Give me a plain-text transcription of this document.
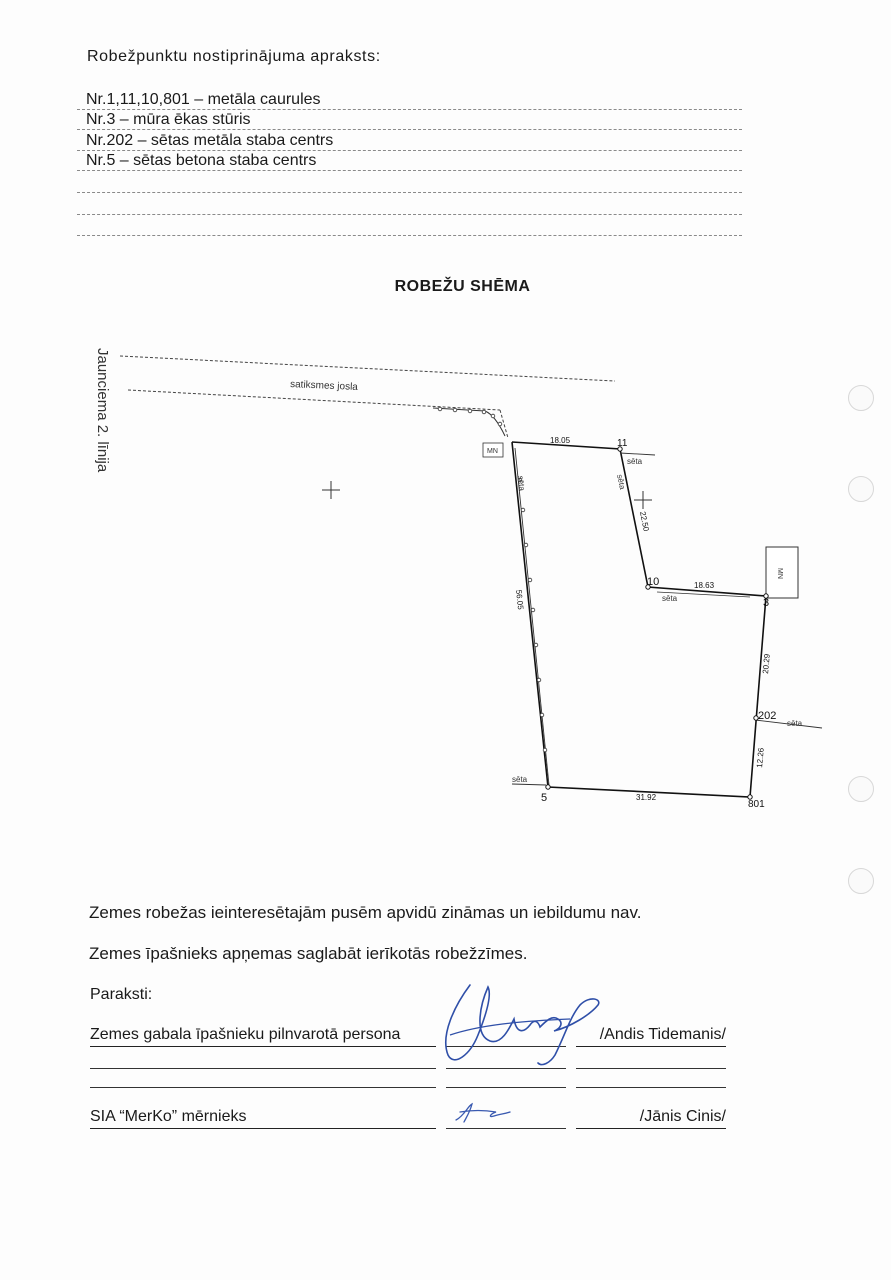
Robežpunktu nostiprinājuma apraksts:
Nr.1,11,10,801 – metāla caurules
Nr.3 – mūra ēkas stūris
Nr.202 – sētas metāla staba centrs
Nr.5 – sētas betona staba centrs
ROBEŽU SHĒMA
Jaunciema 2. līnija	satiksmes josla
sēta
sēta
sēta
sēta
sēta
sēta
MN
MN
11
10
3
202
801
5
18.05
22.50
18.63
20.29
12.26
31.92
56.05
Zemes robežas ieinteresētajām pusēm apvidū zināmas un iebildumu nav.
Zemes īpašnieks apņemas saglabāt ierīkotās robežzīmes.
Paraksti:
Zemes gabala īpašnieku pilnvarotā persona	/Andis Tidemanis/
SIA “MerKo” mērnieks	/Jānis Cinis/
